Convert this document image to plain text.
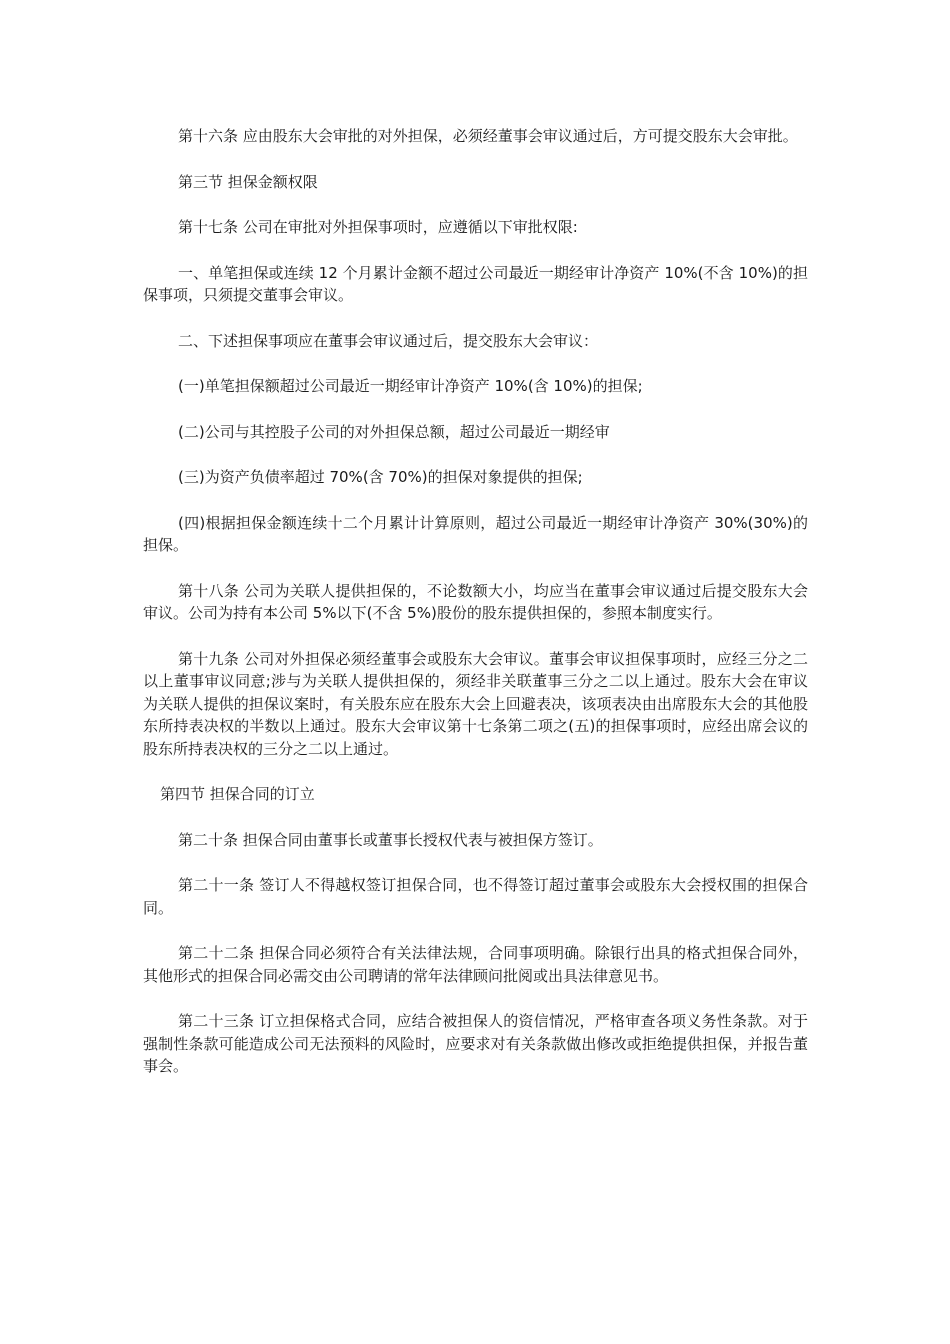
第十六条 应由股东大会审批的对外担保，必须经董事会审议通过后，方可提交股东大会审批。

第三节 担保金额权限

第十七条 公司在审批对外担保事项时，应遵循以下审批权限:

一、单笔担保或连续 12 个月累计金额不超过公司最近一期经审计净资产 10%(不含 10%)的担保事项，只须提交董事会审议。

二、下述担保事项应在董事会审议通过后，提交股东大会审议：

(一)单笔担保额超过公司最近一期经审计净资产 10%(含 10%)的担保;

(二)公司与其控股子公司的对外担保总额，超过公司最近一期经审

(三)为资产负债率超过 70%(含 70%)的担保对象提供的担保;

(四)根据担保金额连续十二个月累计计算原则，超过公司最近一期经审计净资产 30%(30%)的担保。

第十八条 公司为关联人提供担保的，不论数额大小，均应当在董事会审议通过后提交股东大会审议。公司为持有本公司 5%以下(不含 5%)股份的股东提供担保的，参照本制度实行。

第十九条 公司对外担保必须经董事会或股东大会审议。董事会审议担保事项时，应经三分之二以上董事审议同意;涉与为关联人提供担保的，须经非关联董事三分之二以上通过。股东大会在审议为关联人提供的担保议案时，有关股东应在股东大会上回避表决，该项表决由出席股东大会的其他股东所持表决权的半数以上通过。股东大会审议第十七条第二项之(五)的担保事项时，应经出席会议的股东所持表决权的三分之二以上通过。

第四节 担保合同的订立

第二十条 担保合同由董事长或董事长授权代表与被担保方签订。

第二十一条 签订人不得越权签订担保合同，也不得签订超过董事会或股东大会授权围的担保合同。

第二十二条 担保合同必须符合有关法律法规，合同事项明确。除银行出具的格式担保合同外，其他形式的担保合同必需交由公司聘请的常年法律顾问批阅或出具法律意见书。

第二十三条 订立担保格式合同，应结合被担保人的资信情况，严格审查各项义务性条款。对于强制性条款可能造成公司无法预料的风险时，应要求对有关条款做出修改或拒绝提供担保，并报告董事会。
